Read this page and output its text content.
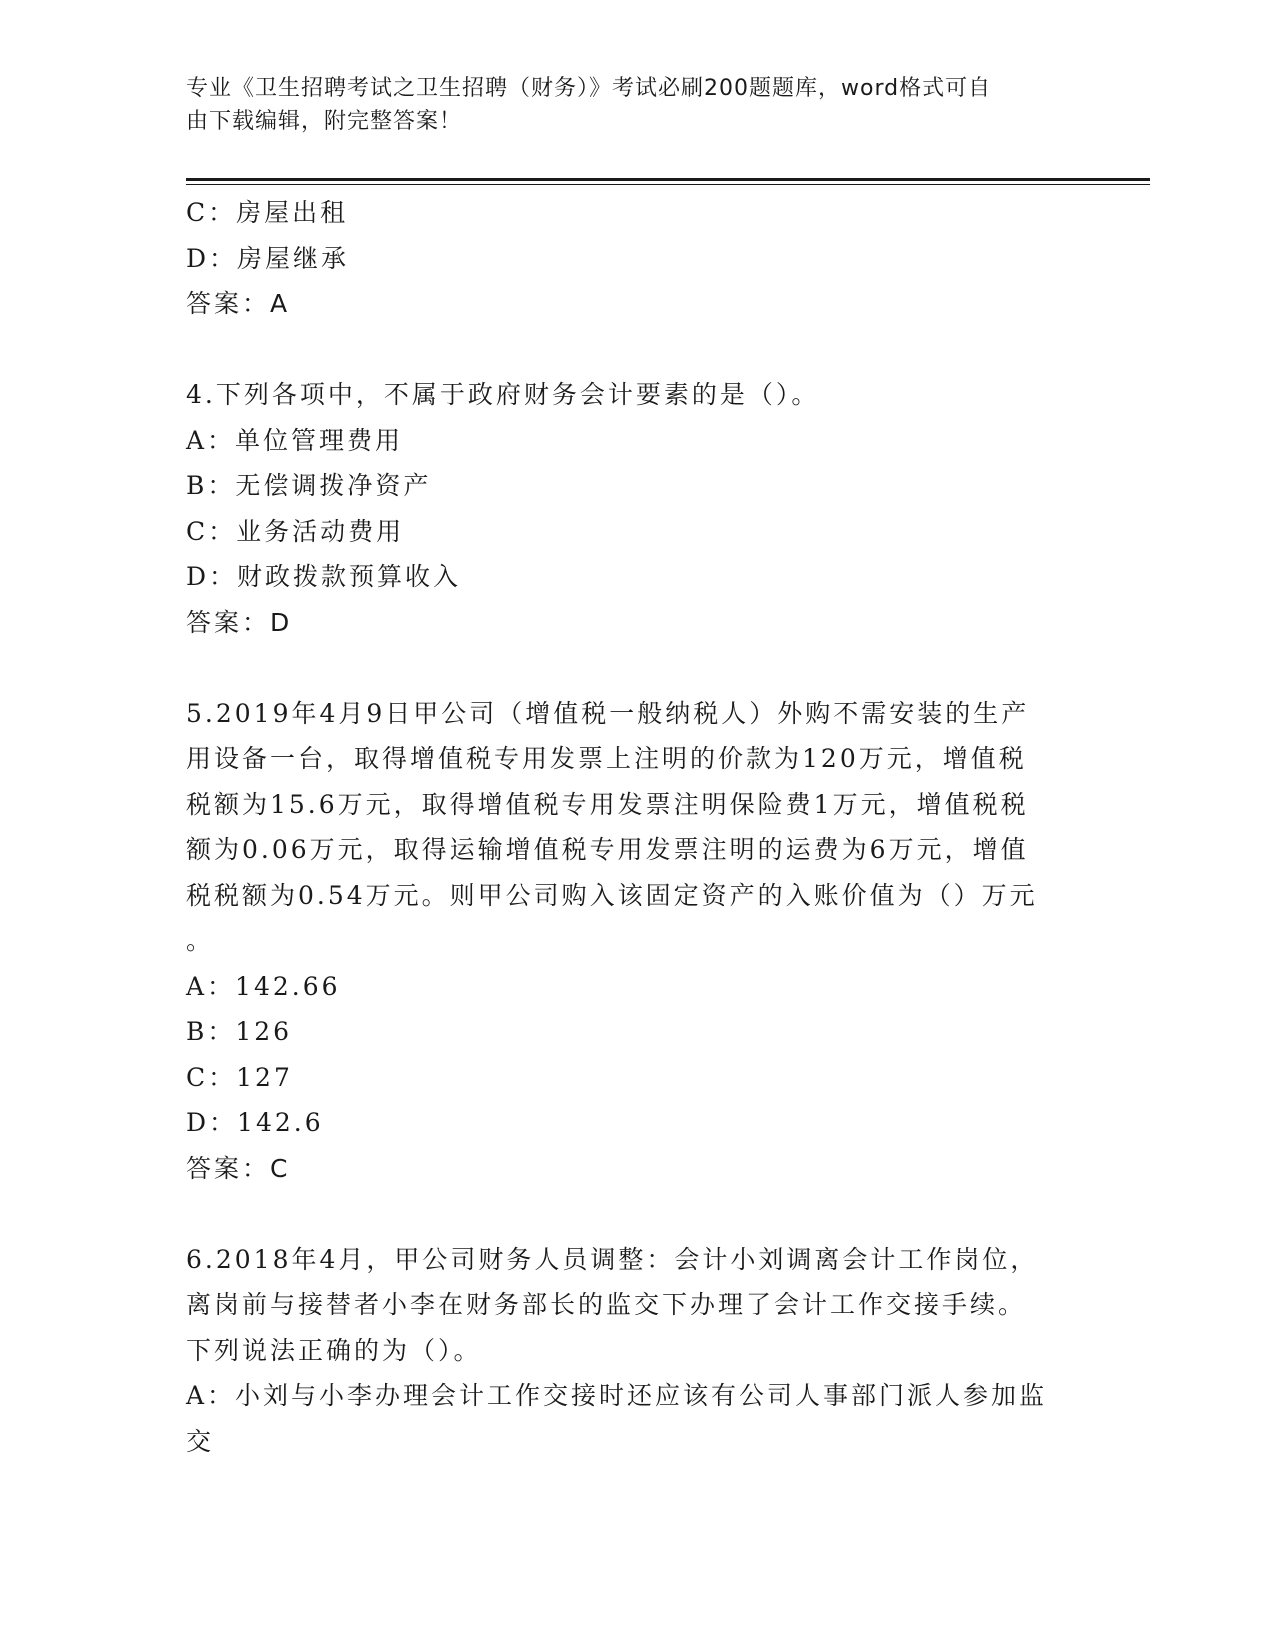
专业《卫生招聘考试之卫生招聘（财务）》考试必刷200题题库，word格式可自
由下载编辑，附完整答案！
C：房屋出租
D：房屋继承
答案：A
4.下列各项中，不属于政府财务会计要素的是（）。
A：单位管理费用
B：无偿调拨净资产
C：业务活动费用
D：财政拨款预算收入
答案：D
5.2019年4月9日甲公司（增值税一般纳税人）外购不需安装的生产
用设备一台，取得增值税专用发票上注明的价款为120万元，增值税
税额为15.6万元，取得增值税专用发票注明保险费1万元，增值税税
额为0.06万元，取得运输增值税专用发票注明的运费为6万元，增值
税税额为0.54万元。则甲公司购入该固定资产的入账价值为（）万元
。
A：142.66
B：126
C：127
D：142.6
答案：C
6.2018年4月，甲公司财务人员调整：会计小刘调离会计工作岗位，
离岗前与接替者小李在财务部长的监交下办理了会计工作交接手续。
下列说法正确的为（）。
A：小刘与小李办理会计工作交接时还应该有公司人事部门派人参加监
交
